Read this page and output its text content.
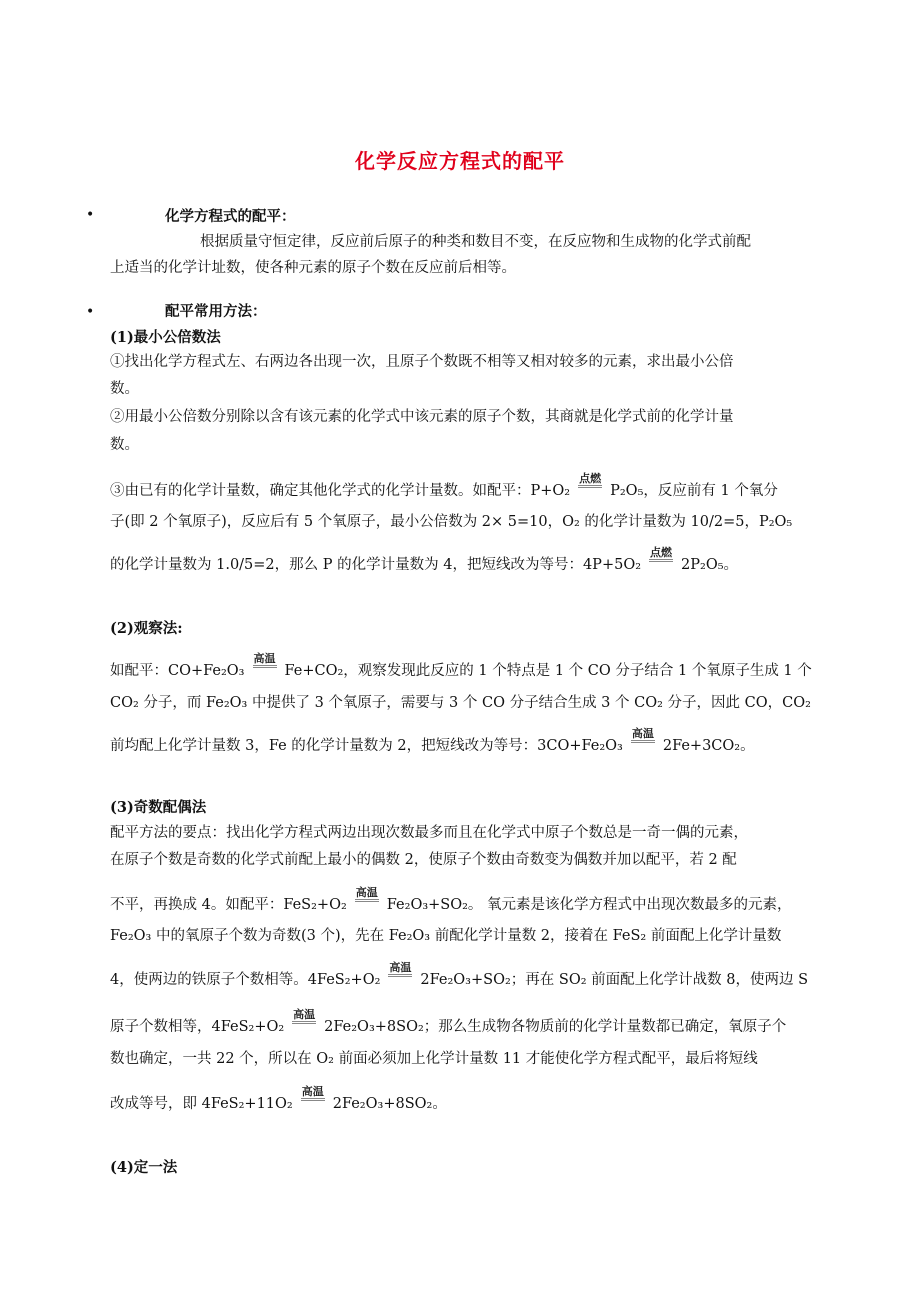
化学反应方程式的配平
•	化学方程式的配平：
根据质量守恒定律，反应前后原子的种类和数目不变，在反应物和生成物的化学式前配
上适当的化学计址数，使各种元素的原子个数在反应前后相等。
•	配平常用方法：
(1)最小公倍数法
①找出化学方程式左、右两边各出现一次，且原子个数既不相等又相对较多的元素，求出最小公倍
数。
②用最小公倍数分别除以含有该元素的化学式中该元素的原子个数，其商就是化学式前的化学计量
数。
③由已有的化学计量数，确定其他化学式的化学计量数。如配平：P+O₂
点燃
P₂O₅，反应前有 1 个氧分
子(即 2 个氧原子)，反应后有 5 个氧原子，最小公倍数为 2× 5=10，O₂ 的化学计量数为 10/2=5，P₂O₅
的化学计量数为 1.0/5=2，那么 P 的化学计量数为 4，把短线改为等号：4P+5O₂
点燃
2P₂O₅。
(2)观察法:
如配平：CO+Fe₂O₃
高温
Fe+CO₂，观察发现此反应的 1 个特点是 1 个 CO 分子结合 1 个氧原子生成 1 个
CO₂ 分子，而 Fe₂O₃ 中提供了 3 个氧原子，需要与 3 个 CO 分子结合生成 3 个 CO₂ 分子，因此 CO，CO₂
前均配上化学计量数 3，Fe 的化学计量数为 2，把短线改为等号：3CO+Fe₂O₃
高温
2Fe+3CO₂。
(3)奇数配偶法
配平方法的要点：找出化学方程式两边出现次数最多而且在化学式中原子个数总是一奇一偶的元素，
在原子个数是奇数的化学式前配上最小的偶数 2，使原子个数由奇数变为偶数并加以配平，若 2 配
不平，再换成 4。如配平：FeS₂+O₂
高温
Fe₂O₃+SO₂。 氧元素是该化学方程式中出现次数最多的元素，
Fe₂O₃ 中的氧原子个数为奇数(3 个)，先在 Fe₂O₃ 前配化学计量数 2，接着在 FeS₂ 前面配上化学计量数
4，使两边的铁原子个数相等。4FeS₂+O₂
高温
2Fe₂O₃+SO₂；再在 SO₂ 前面配上化学计战数 8，使两边 S
原子个数相等，4FeS₂+O₂
高温
2Fe₂O₃+8SO₂；那么生成物各物质前的化学计量数都已确定，氧原子个
数也确定，一共 22 个，所以在 O₂ 前面必须加上化学计量数 11 才能使化学方程式配平，最后将短线
改成等号，即 4FeS₂+11O₂
高温
2Fe₂O₃+8SO₂。
(4)定一法
